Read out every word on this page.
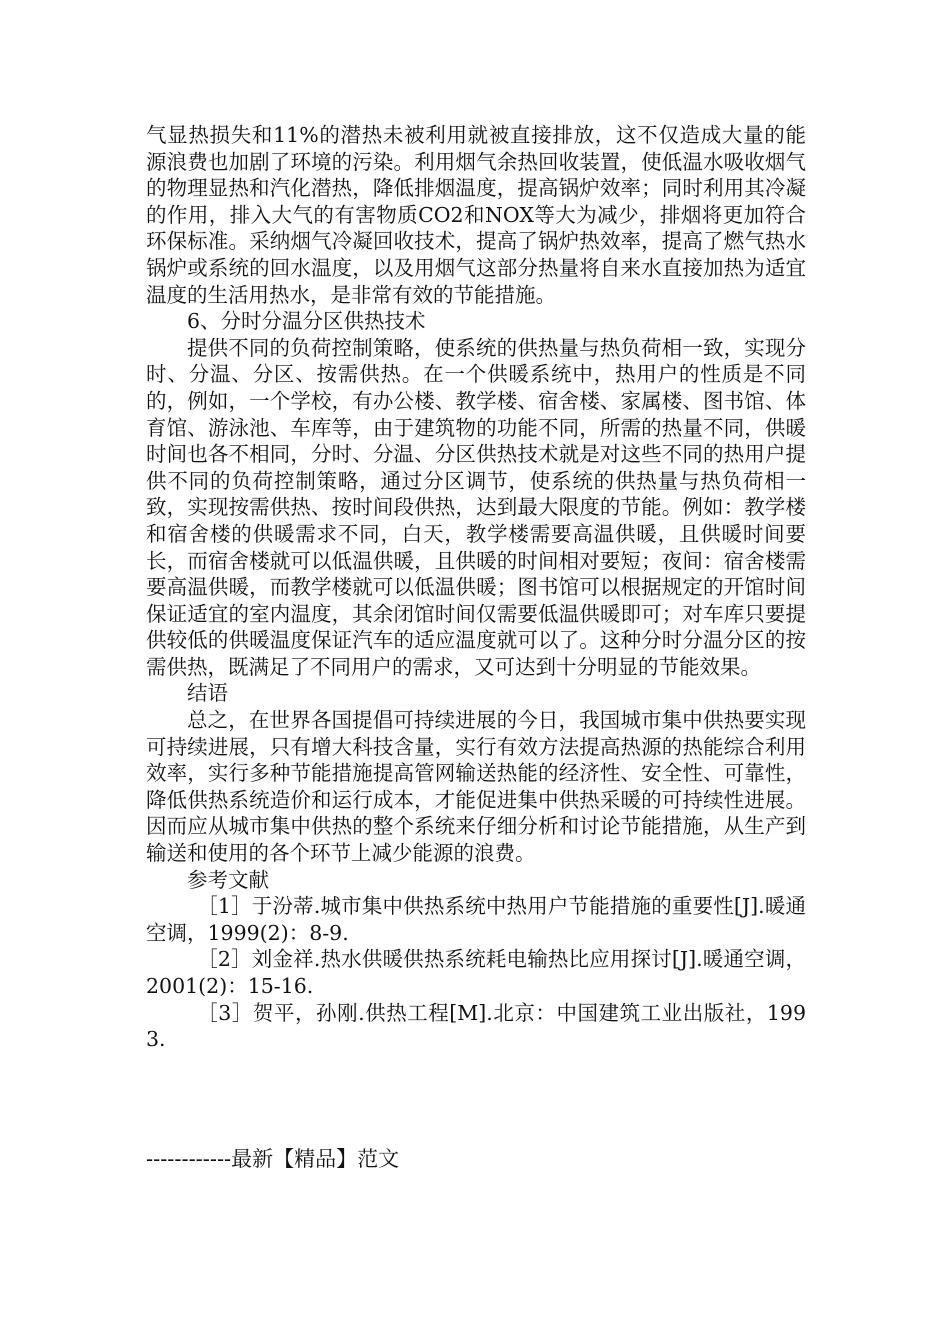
气显热损失和11%的潜热未被利用就被直接排放，这不仅造成大量的能源浪费也加剧了环境的污染。利用烟气余热回收装置，使低温水吸收烟气的物理显热和汽化潜热，降低排烟温度，提高锅炉效率；同时利用其冷凝的作用，排入大气的有害物质CO2和NOX等大为减少，排烟将更加符合环保标准。采纳烟气冷凝回收技术，提高了锅炉热效率，提高了燃气热水锅炉或系统的回水温度，以及用烟气这部分热量将自来水直接加热为适宜温度的生活用热水，是非常有效的节能措施。

6、分时分温分区供热技术

提供不同的负荷控制策略，使系统的供热量与热负荷相一致，实现分时、分温、分区、按需供热。在一个供暖系统中，热用户的性质是不同的，例如，一个学校，有办公楼、教学楼、宿舍楼、家属楼、图书馆、体育馆、游泳池、车库等，由于建筑物的功能不同，所需的热量不同，供暖时间也各不相同，分时、分温、分区供热技术就是对这些不同的热用户提供不同的负荷控制策略，通过分区调节，使系统的供热量与热负荷相一致，实现按需供热、按时间段供热，达到最大限度的节能。例如：教学楼和宿舍楼的供暖需求不同，白天，教学楼需要高温供暖，且供暖时间要长，而宿舍楼就可以低温供暖，且供暖的时间相对要短；夜间：宿舍楼需要高温供暖，而教学楼就可以低温供暖；图书馆可以根据规定的开馆时间保证适宜的室内温度，其余闭馆时间仅需要低温供暖即可；对车库只要提供较低的供暖温度保证汽车的适应温度就可以了。这种分时分温分区的按需供热，既满足了不同用户的需求，又可达到十分明显的节能效果。

结语

总之，在世界各国提倡可持续进展的今日，我国城市集中供热要实现可持续进展，只有增大科技含量，实行有效方法提高热源的热能综合利用效率，实行多种节能措施提高管网输送热能的经济性、安全性、可靠性，降低供热系统造价和运行成本，才能促进集中供热采暖的可持续性进展。因而应从城市集中供热的整个系统来仔细分析和讨论节能措施，从生产到输送和使用的各个环节上减少能源的浪费。

参考文献

［1］于汾蒂.城市集中供热系统中热用户节能措施的重要性[J].暖通空调，1999(2)：8-9.

［2］刘金祥.热水供暖供热系统耗电输热比应用探讨[J].暖通空调，2001(2)：15-16.

［3］贺平，孙刚.供热工程[M].北京：中国建筑工业出版社，1993.

------------最新【精品】范文
